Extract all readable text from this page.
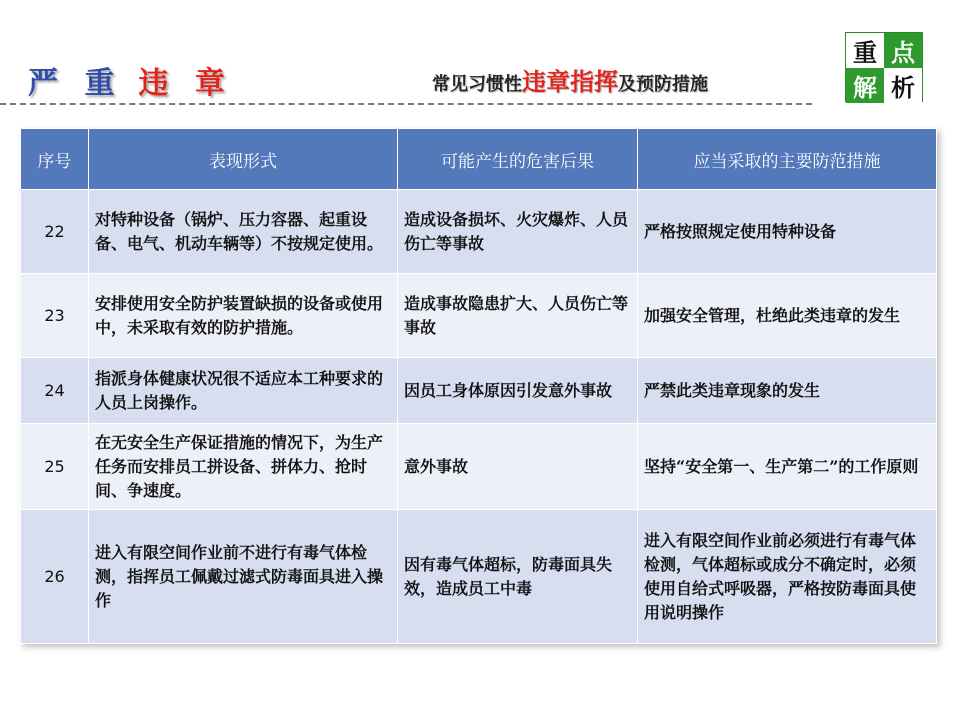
严 重 违 章	常见习惯性违章指挥及预防措施
重 点
解 析
序号	表现形式	可能产生的危害后果	应当采取的主要防范措施
22	对特种设备（锅炉、压力容器、起重设备、电气、机动车辆等）不按规定使用。	造成设备损坏、火灾爆炸、人员伤亡等事故	严格按照规定使用特种设备
23	安排使用安全防护装置缺损的设备或使用中，未采取有效的防护措施。	造成事故隐患扩大、人员伤亡等事故	加强安全管理，杜绝此类违章的发生
24	指派身体健康状况很不适应本工种要求的人员上岗操作。	因员工身体原因引发意外事故	严禁此类违章现象的发生
25	在无安全生产保证措施的情况下，为生产任务而安排员工拼设备、拼体力、抢时间、争速度。	意外事故	坚持“安全第一、生产第二”的工作原则
26	进入有限空间作业前不进行有毒气体检测，指挥员工佩戴过滤式防毒面具进入操作	因有毒气体超标，防毒面具失效，造成员工中毒	进入有限空间作业前必须进行有毒气体检测，气体超标或成分不确定时，必须使用自给式呼吸器，严格按防毒面具使用说明操作
